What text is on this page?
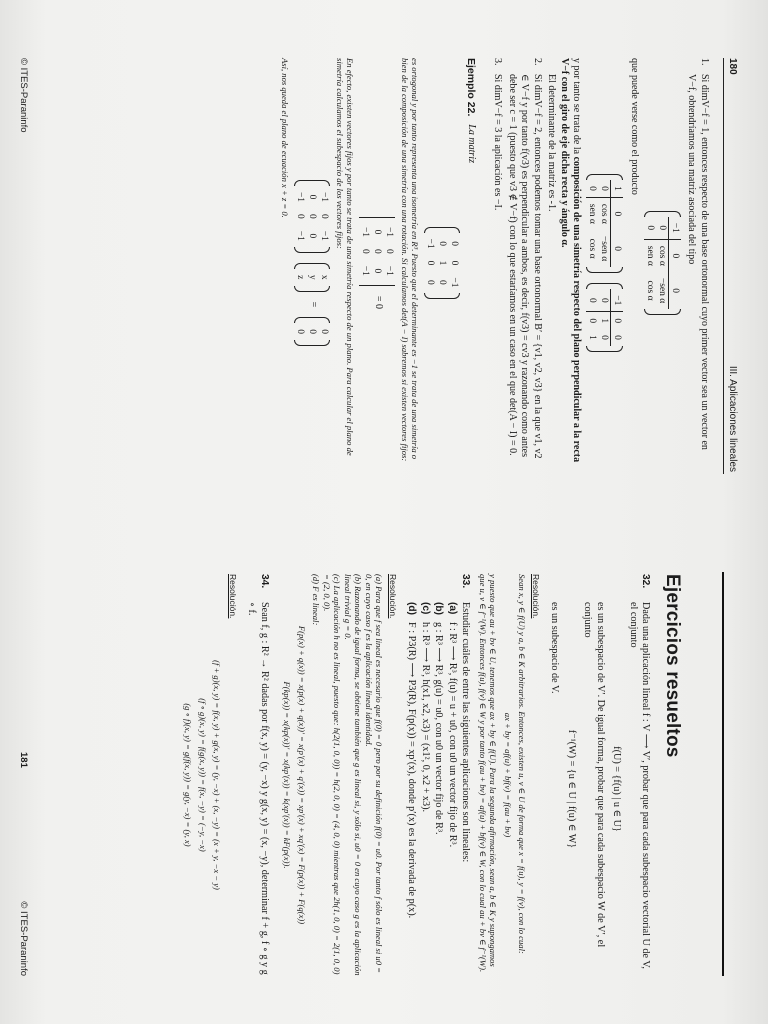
180
III. Aplicaciones lineales
1.
Si dimV−f = 1, entonces respecto de una base ortonormal cuyo primer vector sea un vector en V−f, obtendríamos una matriz asociada del tipo
−1	0	0
0	cos α	−sen α
0	sen α	cos α
que puede verse como el producto
1	0	0
0	cos α	−sen α
0	sen α	cos α
−1	0	0
0	1	0
0	0	1
y por tanto se trata de la composición de una simetría respecto del plano perpendicular a la recta V−f con el giro de eje dicha recta y ángulo α.
El determinante de la matriz es -1.
2.
Si dimV−f = 2, entonces podemos tomar una base ortonormal B′ = {v1, v2, v3} en la que v1, v2 ∈ V−f y por tanto f(v3) es perpendicular a ambos, es decir, f(v3) = cv3 y razonando como antes debe ser c = 1 (puesto que v3 ∉ V−f) con lo que estaríamos en un caso en el que det(A − I) = 0.
3.
Si dimV−f = 3 la aplicación es −I.
Ejemplo 22.
La matriz
0	0	−1
0	1	0
−1	0	0
es ortogonal y por tanto representa una isometría en R³. Puesto que el determinante es −1 se trata de una simetría o bien de la composición de una simetría con una rotación. Si calculamos det(A − I) sabremos si existen vectores fijos:
−1	0	−1
0	0	0
−1	0	−1
= 0
En efecto, existen vectores fijos y por tanto se trata de una simetría respecto de un plano. Para calcular el plano de simetría calculamos el subespacio de los vectores fijos:
−1	0	−1
0	0	0
−1	0	−1
x
y
z
=
0
0
0
Así, nos queda el plano de ecuación x + z = 0.
© ITES-Paraninfo
Ejercicios resueltos
32.
Dada una aplicación lineal f : V ⟶ V′, probar que para cada subespacio vectorial U de V, el conjunto
f(U) = {f(u) | u ∈ U}
es un subespacio de V′. De igual forma, probar que para cada subespacio W de V′, el conjunto
f⁻¹(W) = {u ∈ U | f(u) ∈ W}
es un subespacio de V.
Resolución.
Sean x, y ∈ f(U) y a, b ∈ K arbitrarios. Entonces, existen u, v ∈ U de forma que x = f(u), y = f(v), con lo cual:
ax + by = af(u) + bf(v) = f(au + bv)
y puesto que au + bv ∈ U, tenemos que ax + by ∈ f(U). Para la segunda afirmación, sean a, b ∈ K y supongamos que u, v ∈ f⁻¹(W). Entonces f(u), f(v) ∈ W y por tanto f(au + bv) = af(u) + bf(v) ∈ W, con lo cual au + bv ∈ f⁻¹(W).
33.
Estudiar cuáles de entre las siguientes aplicaciones son lineales:
(a)
f : R³ ⟶ R³, f(u) = u + u0, con u0 un vector fijo de R³.
(b)
g : R³ ⟶ R³, g(u) = u0, con u0 un vector fijo de R³.
(c)
h : R³ ⟶ R³, h(x1, x2, x3) = (x1², 0, x2 + x3).
(d)
F : P3(R) ⟶ P3(R), F(p(x)) = xp′(x), donde p′(x) es la derivada de p(x).
Resolución.
(a) Para que f sea lineal es necesario que f(0) = 0 pero por su definición f(0) = u0. Por tanto f sólo es lineal si u0 = 0, en cuyo caso f es la aplicación lineal identidad.
(b) Razonando de igual forma, se obtiene también que g es lineal si, y sólo si, u0 = 0 en cuyo caso g es la aplicación lineal trivial g = 0.
(c) La aplicación h no es lineal, puesto que: h(2(1, 0, 0)) = h(2, 0, 0) = (4, 0, 0) mientras que 2h(1, 0, 0) = 2(1, 0, 0) = (2, 0, 0).
(d) F es lineal:
F(p(x) + q(x)) = x(p(x) + q(x))′ = x(p′(x) + q′(x)) = xp′(x) + xq′(x) = F(p(x)) + F(q(x))
F(kp(x)) = x(kp(x))′ = x(kp′(x)) = k(xp′(x)) = kF(p(x)).
34.
Sean f, g : R² → R² dadas por f(x, y) = (y, −x) y g(x, y) = (x, −y), determinar f + g, f ∘ g y g ∘ f.
Resolución.
(f + g)(x, y) = f(x, y) + g(x, y) = (y, −x) + (x, −y) = (x + y, −x − y)
(f ∘ g)(x, y) = f(g(x, y)) = f(x, −y) = (−y, −x)
(g ∘ f)(x, y) = g(f(x, y)) = g(y, −x) = (y, x)
181
© ITES-Paraninfo
